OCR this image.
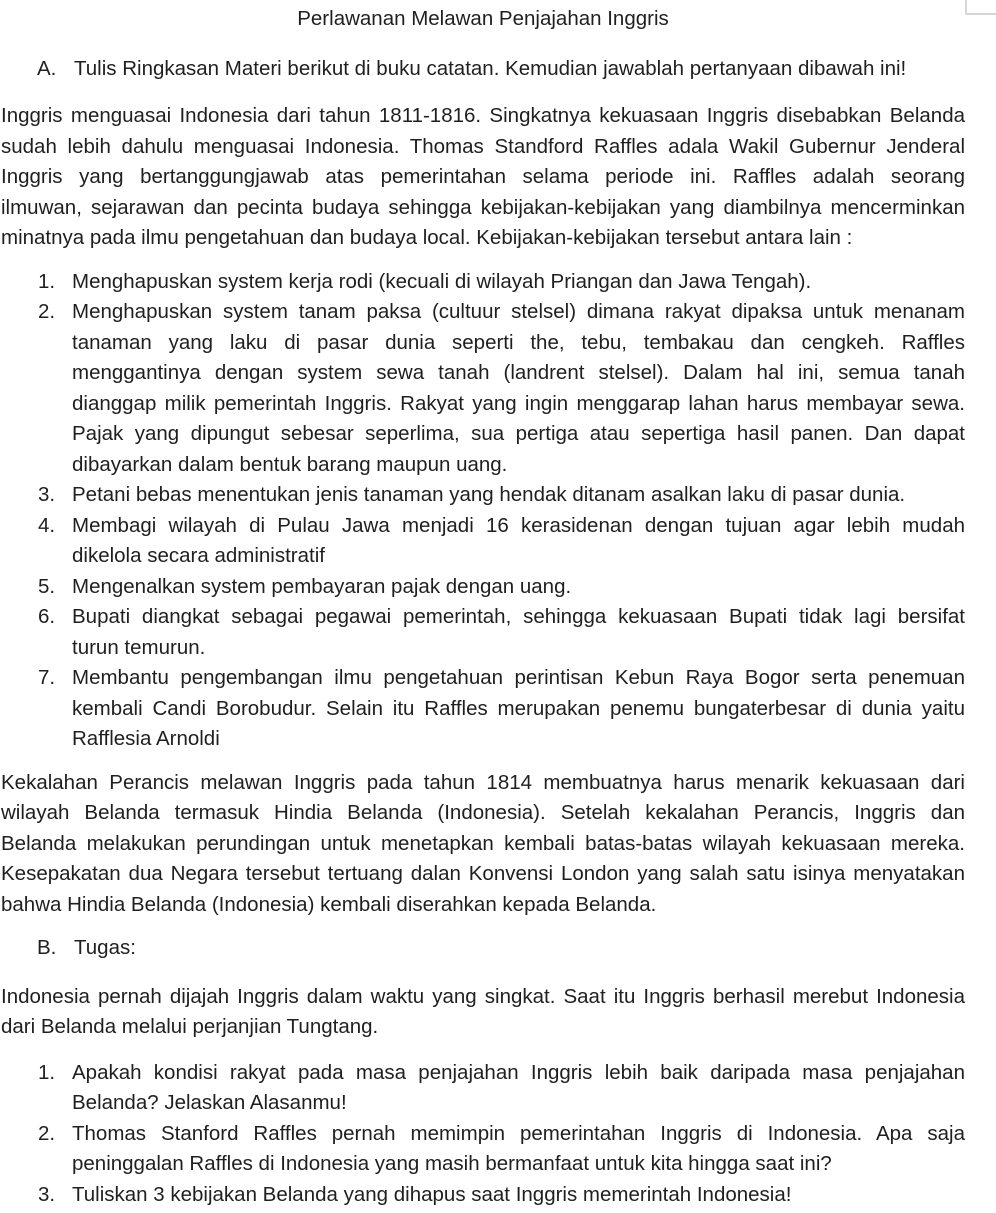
Perlawanan Melawan Penjajahan Inggris
A. Tulis Ringkasan Materi berikut di buku catatan. Kemudian jawablah pertanyaan dibawah ini!
Inggris menguasai Indonesia dari tahun 1811-1816. Singkatnya kekuasaan Inggris disebabkan Belanda
sudah lebih dahulu menguasai Indonesia. Thomas Standford Raffles adala Wakil Gubernur Jenderal
Inggris yang bertanggungjawab atas pemerintahan selama periode ini. Raffles adalah seorang
ilmuwan, sejarawan dan pecinta budaya sehingga kebijakan-kebijakan yang diambilnya mencerminkan
minatnya pada ilmu pengetahuan dan budaya local. Kebijakan-kebijakan tersebut antara lain :
1. Menghapuskan system kerja rodi (kecuali di wilayah Priangan dan Jawa Tengah).
2. Menghapuskan system tanam paksa (cultuur stelsel) dimana rakyat dipaksa untuk menanam
tanaman yang laku di pasar dunia seperti the, tebu, tembakau dan cengkeh. Raffles
menggantinya dengan system sewa tanah (landrent stelsel). Dalam hal ini, semua tanah
dianggap milik pemerintah Inggris. Rakyat yang ingin menggarap lahan harus membayar sewa.
Pajak yang dipungut sebesar seperlima, sua pertiga atau sepertiga hasil panen. Dan dapat
dibayarkan dalam bentuk barang maupun uang.
3. Petani bebas menentukan jenis tanaman yang hendak ditanam asalkan laku di pasar dunia.
4. Membagi wilayah di Pulau Jawa menjadi 16 kerasidenan dengan tujuan agar lebih mudah
dikelola secara administratif
5. Mengenalkan system pembayaran pajak dengan uang.
6. Bupati diangkat sebagai pegawai pemerintah, sehingga kekuasaan Bupati tidak lagi bersifat
turun temurun.
7. Membantu pengembangan ilmu pengetahuan perintisan Kebun Raya Bogor serta penemuan
kembali Candi Borobudur. Selain itu Raffles merupakan penemu bungaterbesar di dunia yaitu
Rafflesia Arnoldi
Kekalahan Perancis melawan Inggris pada tahun 1814 membuatnya harus menarik kekuasaan dari
wilayah Belanda termasuk Hindia Belanda (Indonesia). Setelah kekalahan Perancis, Inggris dan
Belanda melakukan perundingan untuk menetapkan kembali batas-batas wilayah kekuasaan mereka.
Kesepakatan dua Negara tersebut tertuang dalan Konvensi London yang salah satu isinya menyatakan
bahwa Hindia Belanda (Indonesia) kembali diserahkan kepada Belanda.
B. Tugas:
Indonesia pernah dijajah Inggris dalam waktu yang singkat. Saat itu Inggris berhasil merebut Indonesia
dari Belanda melalui perjanjian Tungtang.
1. Apakah kondisi rakyat pada masa penjajahan Inggris lebih baik daripada masa penjajahan
Belanda? Jelaskan Alasanmu!
2. Thomas Stanford Raffles pernah memimpin pemerintahan Inggris di Indonesia. Apa saja
peninggalan Raffles di Indonesia yang masih bermanfaat untuk kita hingga saat ini?
3. Tuliskan 3 kebijakan Belanda yang dihapus saat Inggris memerintah Indonesia!
